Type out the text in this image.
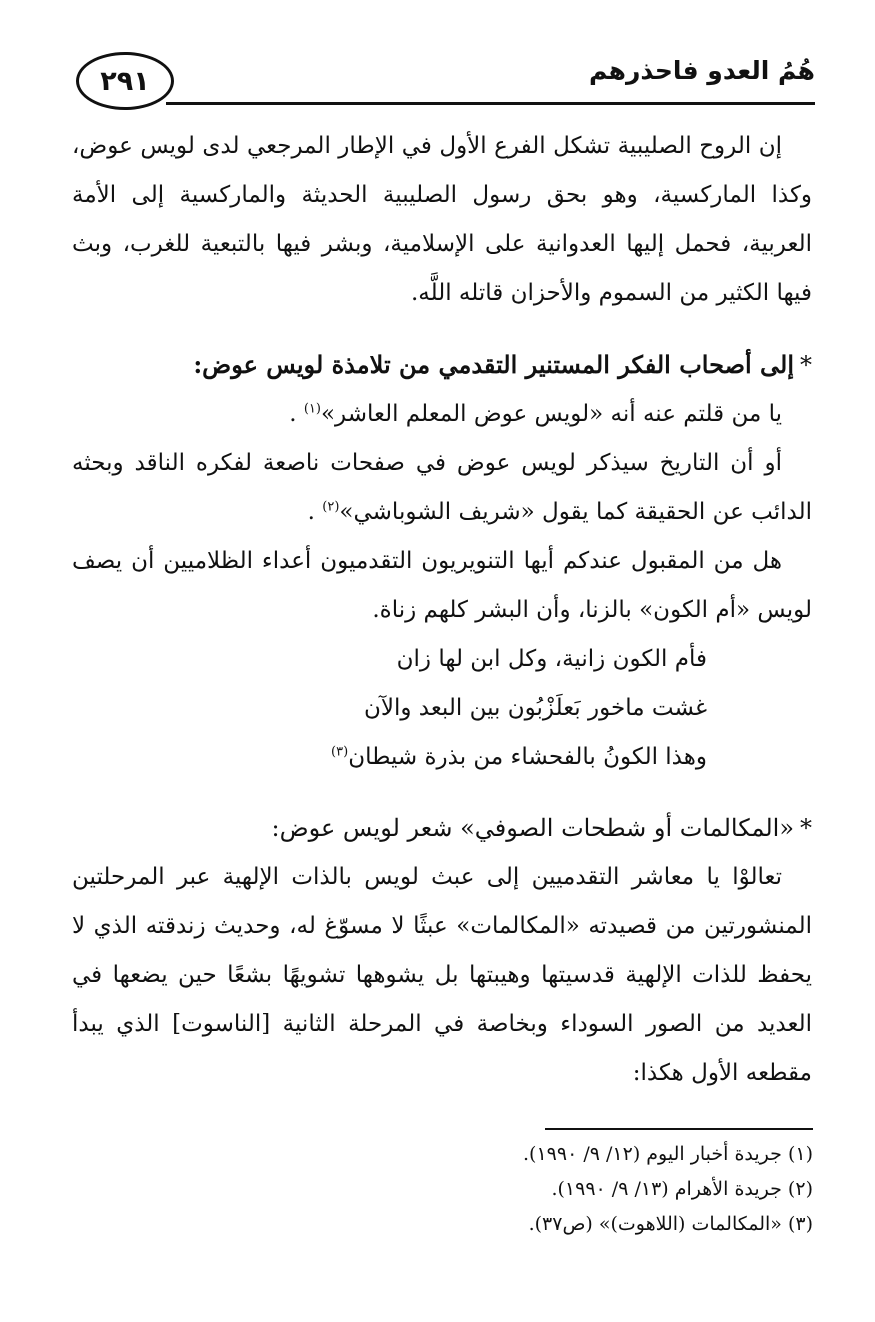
٢٩١	هُمُ العدو فاحذرهم

إن الروح الصليبية تشكل الفرع الأول في الإطار المرجعي لدى لويس عوض، وكذا الماركسية، وهو بحق رسول الصليبية الحديثة والماركسية إلى الأمة العربية، فحمل إليها العدوانية على الإسلامية، وبشر فيها بالتبعية للغرب، وبث فيها الكثير من السموم والأحزان قاتله اللَّه.

*إلى أصحاب الفكر المستنير التقدمي من تلامذة لويس عوض:

يا من قلتم عنه أنه «لويس عوض المعلم العاشر»$^{(١)}$ .

أو أن التاريخ سيذكر لويس عوض في صفحات ناصعة لفكره الناقد وبحثه الدائب عن الحقيقة كما يقول «شريف الشوباشي»$^{(٢)}$ .

هل من المقبول عندكم أيها التنويريون التقدميون أعداء الظلاميين أن يصف لويس «أم الكون» بالزنا، وأن البشر كلهم زناة.

فأم الكون زانية، وكل ابن لها زان

غشت ماخور بَعلَزْبُون بين البعد والآن

وهذا الكونُ بالفحشاء من بذرة شيطان$^{(٣)}$

*«المكالمات أو شطحات الصوفي» شعر لويس عوض:

تعالوْا يا معاشر التقدميين إلى عبث لويس بالذات الإلهية عبر المرحلتين المنشورتين من قصيدته «المكالمات» عبثًا لا مسوّغ له، وحديث زندقته الذي لا يحفظ للذات الإلهية قدسيتها وهيبتها بل يشوهها تشويهًا بشعًا حين يضعها في العديد من الصور السوداء وبخاصة في المرحلة الثانية [الناسوت] الذي يبدأ مقطعه الأول هكذا:

(١) جريدة أخبار اليوم (١٢/ ٩/ ١٩٩٠).

(٢) جريدة الأهرام (١٣/ ٩/ ١٩٩٠).

(٣) «المكالمات (اللاهوت)» (ص٣٧).
